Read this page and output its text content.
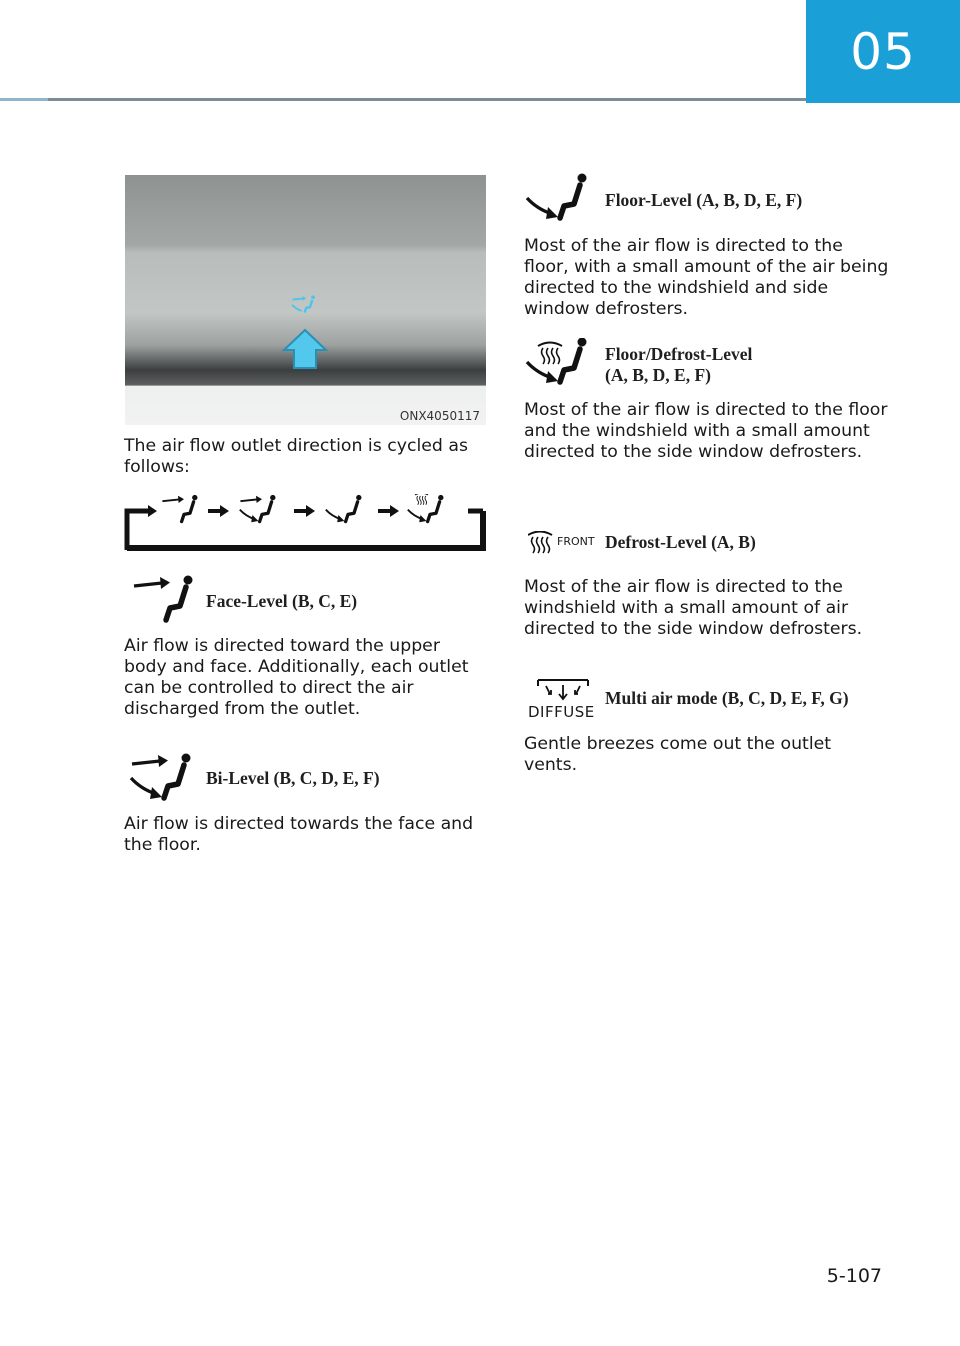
05
ONX4050117
The air flow outlet direction is cycled as follows:
Face-Level (B, C, E)
Air flow is directed toward the upper body and face. Additionally, each outlet can be controlled to direct the air discharged from the outlet.
Bi-Level (B, C, D, E, F)
Air flow is directed towards the face and the floor.
Floor-Level (A, B, D, E, F)
Most of the air flow is directed to the floor, with a small amount of the air being directed to the windshield and side window defrosters.
Floor/Defrost-Level
(A, B, D, E, F)
Most of the air flow is directed to the floor and the windshield with a small amount directed to the side window defrosters.
FRONT Defrost-Level (A, B)
Most of the air flow is directed to the windshield with a small amount of air directed to the side window defrosters.
DIFFUSE
Multi air mode (B, C, D, E, F, G)
Gentle breezes come out the outlet vents.
5-107
